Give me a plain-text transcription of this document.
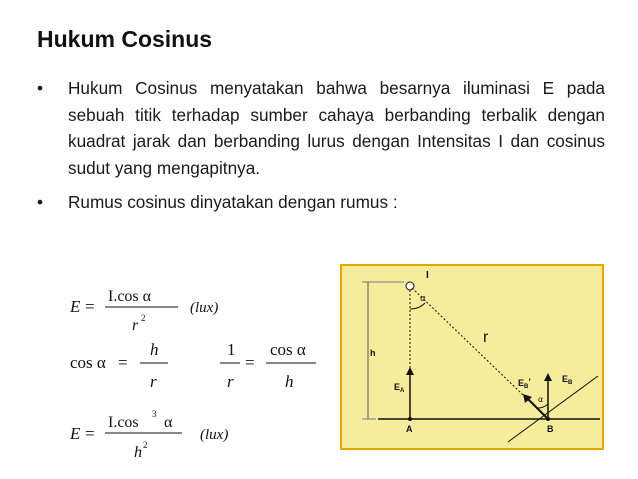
Hukum Cosinus
• Hukum Cosinus menyatakan bahwa besarnya iluminasi E pada sebuah titik terhadap sumber cahaya berbanding terbalik dengan kuadrat jarak dan berbanding lurus dengan Intensitas I dan cosinus sudut yang mengapitnya.
• Rumus cosinus dinyatakan dengan rumus :
E =
I.cos α
r 2
(lux)
cos α =
h
r
1
r
=
cos α
h
E =
I.cos 3 α
h 2
(lux)
h
I
α
r
$E_A$
$E_B$
$E_B$’
α
A	B
